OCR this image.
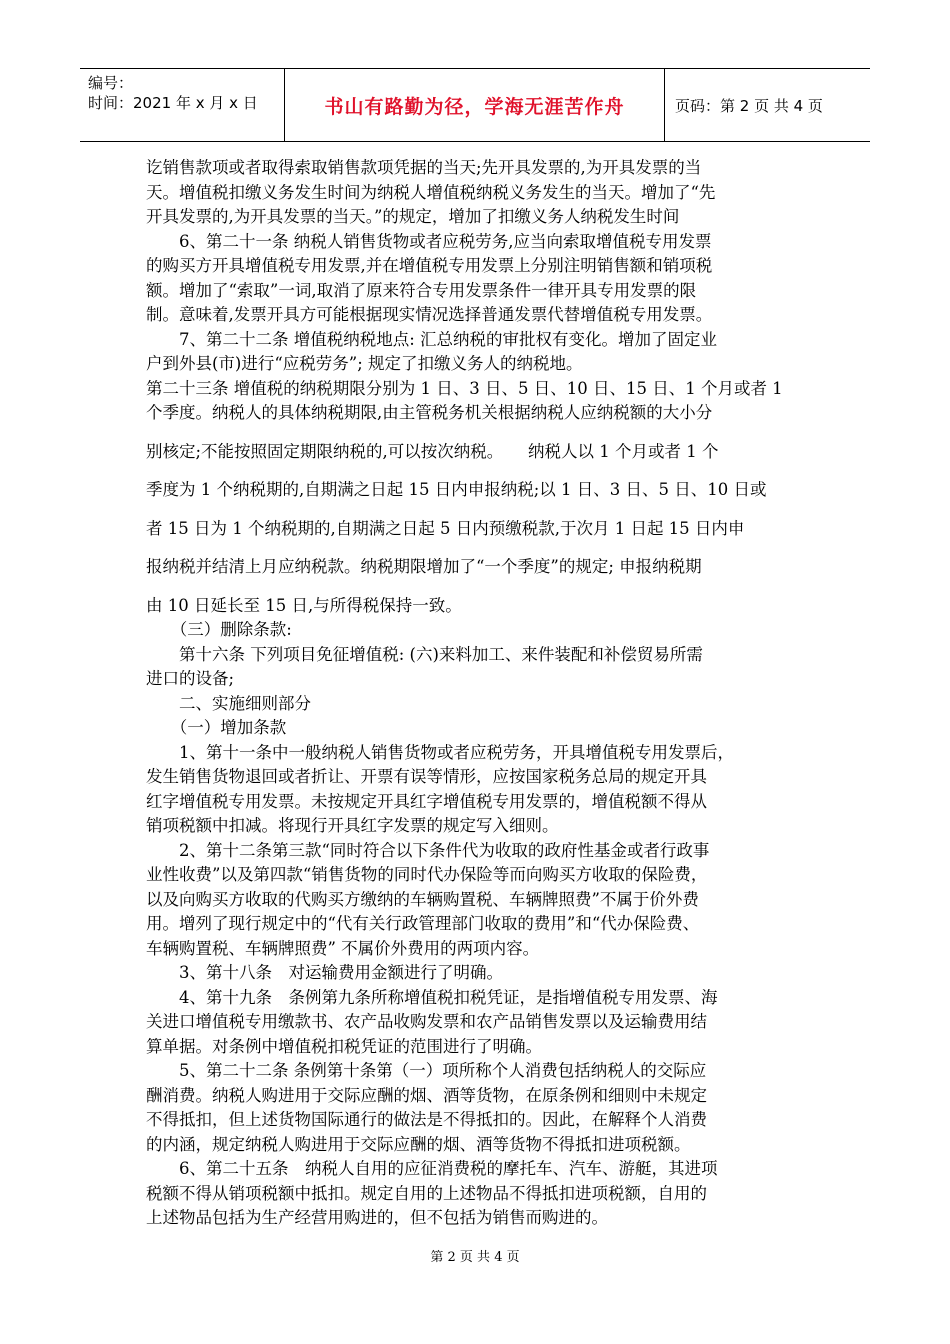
编号：
时间：2021 年 x 月 x 日	书山有路勤为径，学海无涯苦作舟	页码：第 2 页 共 4 页
讫销售款项或者取得索取销售款项凭据的当天;先开具发票的,为开具发票的当
天。增值税扣缴义务发生时间为纳税人增值税纳税义务发生的当天。增加了“先
开具发票的,为开具发票的当天。”的规定，增加了扣缴义务人纳税发生时间
　　6、第二十一条 纳税人销售货物或者应税劳务,应当向索取增值税专用发票
的购买方开具增值税专用发票,并在增值税专用发票上分别注明销售额和销项税
额。增加了“索取”一词,取消了原来符合专用发票条件一律开具专用发票的限
制。意味着,发票开具方可能根据现实情况选择普通发票代替增值税专用发票。
　　7、第二十二条 增值税纳税地点: 汇总纳税的审批权有变化。增加了固定业
户到外县(市)进行“应税劳务”; 规定了扣缴义务人的纳税地。
第二十三条 增值税的纳税期限分别为 1 日、3 日、5 日、10 日、15 日、1 个月或者 1
个季度。纳税人的具体纳税期限,由主管税务机关根据纳税人应纳税额的大小分
别核定;不能按照固定期限纳税的,可以按次纳税。　　纳税人以 1 个月或者 1 个
季度为 1 个纳税期的,自期满之日起 15 日内申报纳税;以 1 日、3 日、5 日、10 日或
者 15 日为 1 个纳税期的,自期满之日起 5 日内预缴税款,于次月 1 日起 15 日内申
报纳税并结清上月应纳税款。纳税期限增加了“一个季度”的规定; 申报纳税期
由 10 日延长至 15 日,与所得税保持一致。
　　（三）删除条款:
　　第十六条 下列项目免征增值税: (六)来料加工、来件装配和补偿贸易所需
进口的设备;
　　二、实施细则部分
　　（一）增加条款
　　1、第十一条中一般纳税人销售货物或者应税劳务，开具增值税专用发票后，
发生销售货物退回或者折让、开票有误等情形，应按国家税务总局的规定开具
红字增值税专用发票。未按规定开具红字增值税专用发票的，增值税额不得从
销项税额中扣减。将现行开具红字发票的规定写入细则。
　　2、第十二条第三款“同时符合以下条件代为收取的政府性基金或者行政事
业性收费”以及第四款“销售货物的同时代办保险等而向购买方收取的保险费，
以及向购买方收取的代购买方缴纳的车辆购置税、车辆牌照费”不属于价外费
用。增列了现行规定中的“代有关行政管理部门收取的费用”和“代办保险费、
车辆购置税、车辆牌照费” 不属价外费用的两项内容。
　　3、第十八条　对运输费用金额进行了明确。
　　4、第十九条　条例第九条所称增值税扣税凭证，是指增值税专用发票、海
关进口增值税专用缴款书、农产品收购发票和农产品销售发票以及运输费用结
算单据。对条例中增值税扣税凭证的范围进行了明确。
　　5、第二十二条 条例第十条第（一）项所称个人消费包括纳税人的交际应
酬消费。纳税人购进用于交际应酬的烟、酒等货物，在原条例和细则中未规定
不得抵扣，但上述货物国际通行的做法是不得抵扣的。因此，在解释个人消费
的内涵，规定纳税人购进用于交际应酬的烟、酒等货物不得抵扣进项税额。
　　6、第二十五条　纳税人自用的应征消费税的摩托车、汽车、游艇，其进项
税额不得从销项税额中抵扣。规定自用的上述物品不得抵扣进项税额，自用的
上述物品包括为生产经营用购进的，但不包括为销售而购进的。
第 2 页 共 4 页
